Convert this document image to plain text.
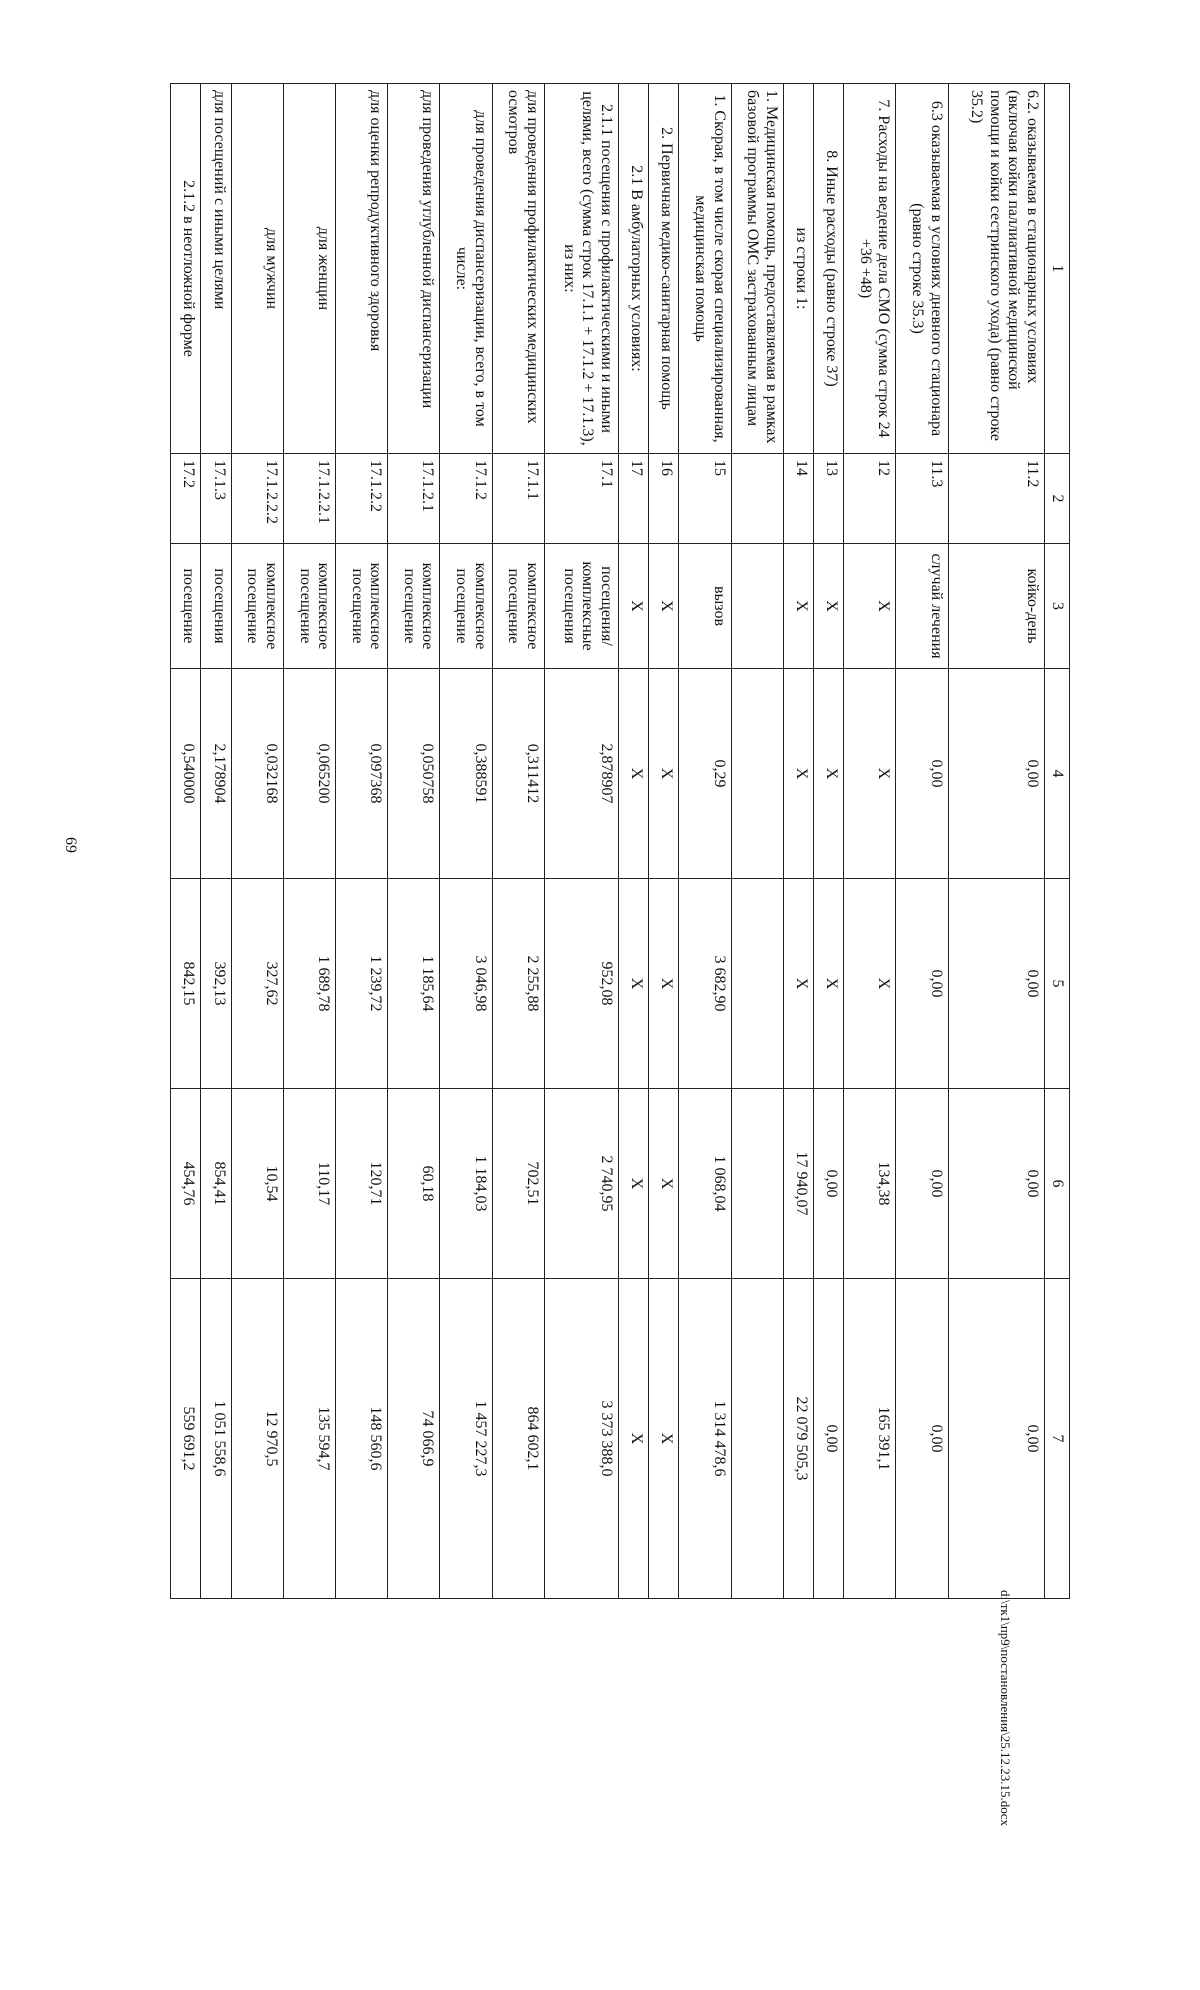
69
1	2	3	4	5	6	7
6.2. оказываемая в стационарных условиях (включая койки паллиативной медицинской помощи и койки сестринского ухода) (равно строке 35.2)	11.2	койко-день	0,00	0,00	0,00	0,00
6.3 оказываемая в условиях дневного стационара (равно строке 35.3)	11.3	случай лечения	0,00	0,00	0,00	0,00
7. Расходы на ведение дела СМО (сумма строк 24 +36 +48)	12	Х	Х	Х	134,38	165 391,1
8. Иные расходы (равно строке 37)	13	Х	Х	Х	0,00	0,00
из строки 1:	14	Х	Х	Х	17 940,07	22 079 505,3
1. Медицинская помощь, предоставляемая в рамках базовой программы ОМС застрахованным лицам						
1. Скорая, в том числе скорая специализированная, медицинская помощь	15	вызов	0,29	3 682,90	1 068,04	1 314 478,6
2. Первичная медико-санитарная помощь	16	Х	Х	Х	Х	Х
2.1 В амбулаторных условиях:	17	Х	Х	Х	Х	Х
2.1.1 посещения с профилактическими и иными целями, всего (сумма строк 17.1.1 + 17.1.2 + 17.1.3), из них:	17.1	посещения/комплексные посещения	2,878907	952,08	2 740,95	3 373 388,0
для проведения профилактических медицинских осмотров	17.1.1	комплексное посещение	0,311412	2 255,88	702,51	864 602,1
для проведения диспансеризации, всего, в том числе:	17.1.2	комплексное посещение	0,388591	3 046,98	1 184,03	1 457 227,3
для проведения углубленной диспансеризации	17.1.2.1	комплексное посещение	0,050758	1 185,64	60,18	74 066,9
для оценки репродуктивного здоровья	17.1.2.2	комплексное посещение	0,097368	1 239,72	120,71	148 560,6
для женщин	17.1.2.2.1	комплексное посещение	0,065200	1 689,78	110,17	135 594,7
для мужчин	17.1.2.2.2	комплексное посещение	0,032168	327,62	10,54	12 970,5
для посещений с иными целями	17.1.3	посещения	2,178904	392,13	854,41	1 051 558,6
2.1.2 в неотложной форме	17.2	посещение	0,540000	842,15	454,76	559 691,2
d:\тк1\пр9\постановления\25.12.23.15.docx
